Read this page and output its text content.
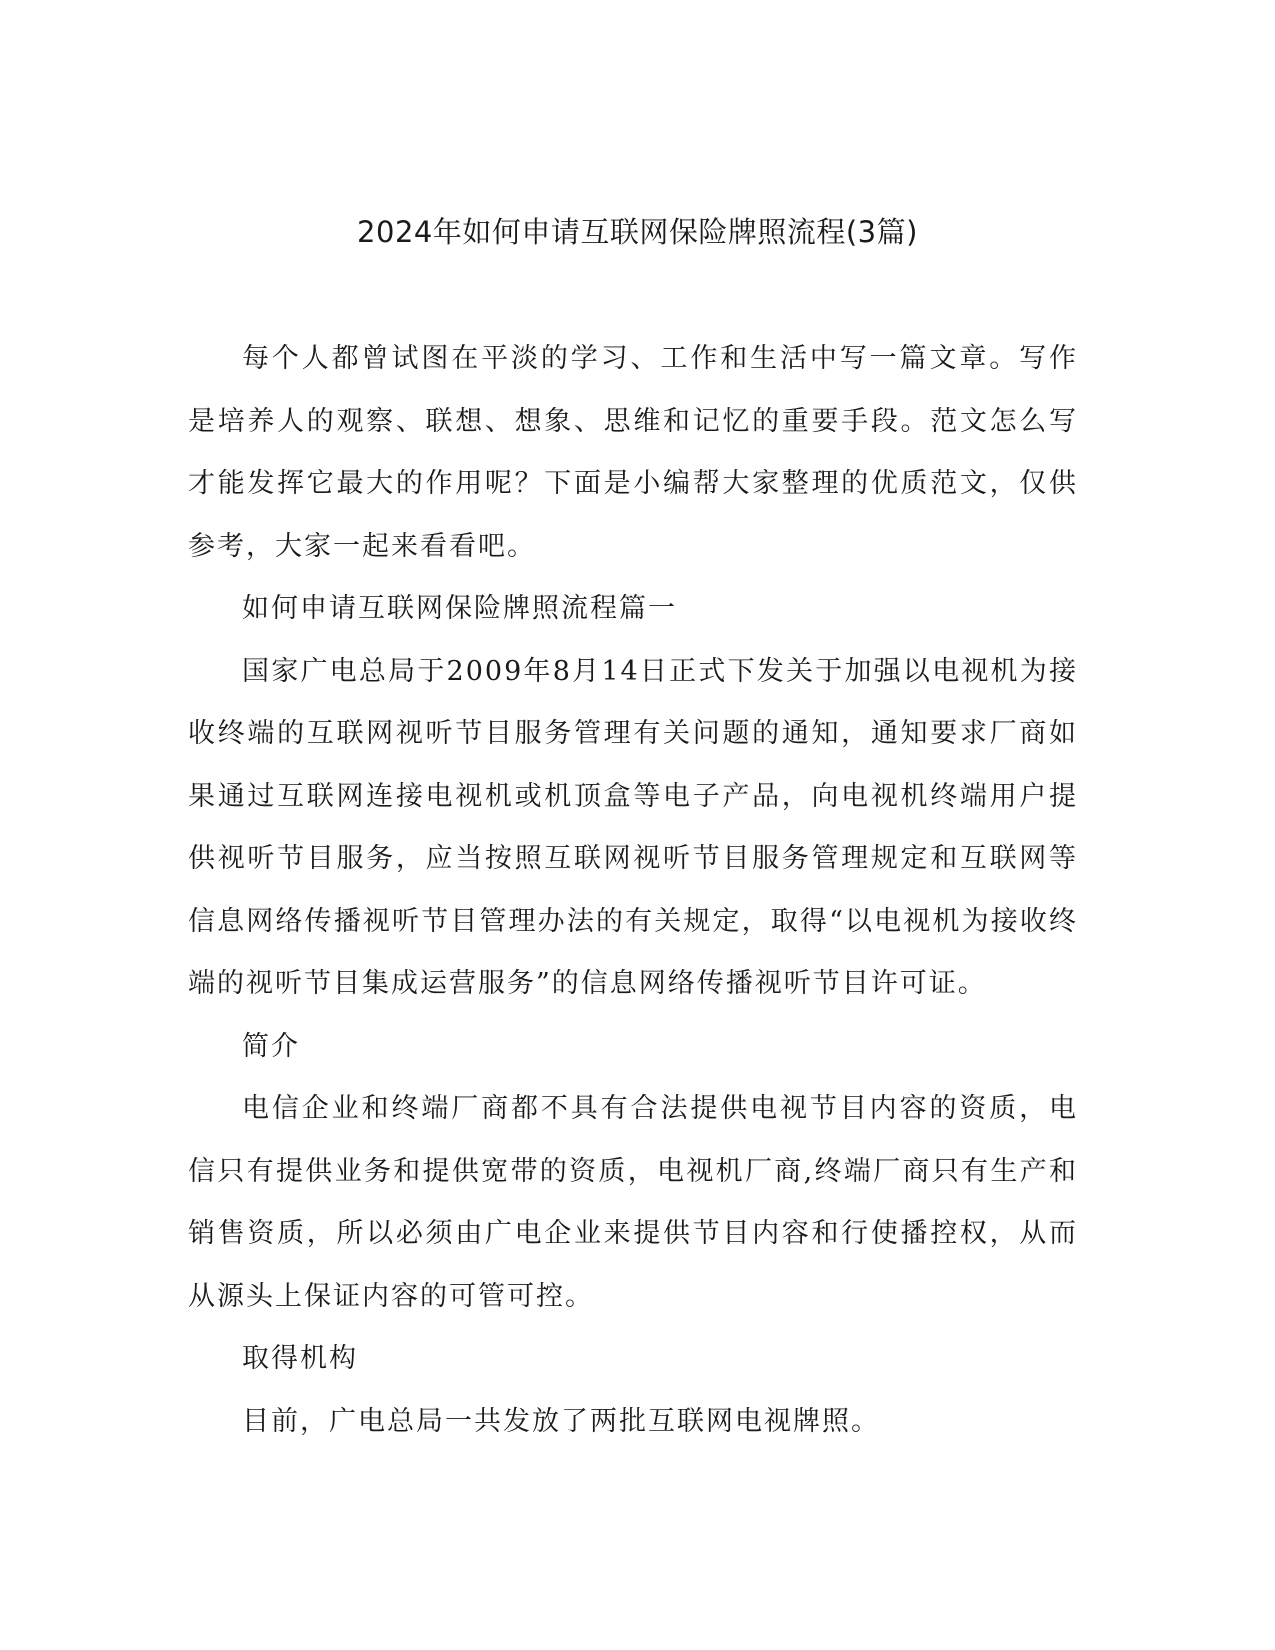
2024年如何申请互联网保险牌照流程(3篇)

每个人都曾试图在平淡的学习、工作和生活中写一篇文章。写作是培养人的观察、联想、想象、思维和记忆的重要手段。范文怎么写才能发挥它最大的作用呢？下面是小编帮大家整理的优质范文，仅供参考，大家一起来看看吧。

如何申请互联网保险牌照流程篇一

国家广电总局于2009年8月14日正式下发关于加强以电视机为接收终端的互联网视听节目服务管理有关问题的通知，通知要求厂商如果通过互联网连接电视机或机顶盒等电子产品，向电视机终端用户提供视听节目服务，应当按照互联网视听节目服务管理规定和互联网等信息网络传播视听节目管理办法的有关规定，取得“以电视机为接收终端的视听节目集成运营服务”的信息网络传播视听节目许可证。

简介

电信企业和终端厂商都不具有合法提供电视节目内容的资质，电信只有提供业务和提供宽带的资质，电视机厂商,终端厂商只有生产和销售资质，所以必须由广电企业来提供节目内容和行使播控权，从而从源头上保证内容的可管可控。

取得机构

目前，广电总局一共发放了两批互联网电视牌照。
